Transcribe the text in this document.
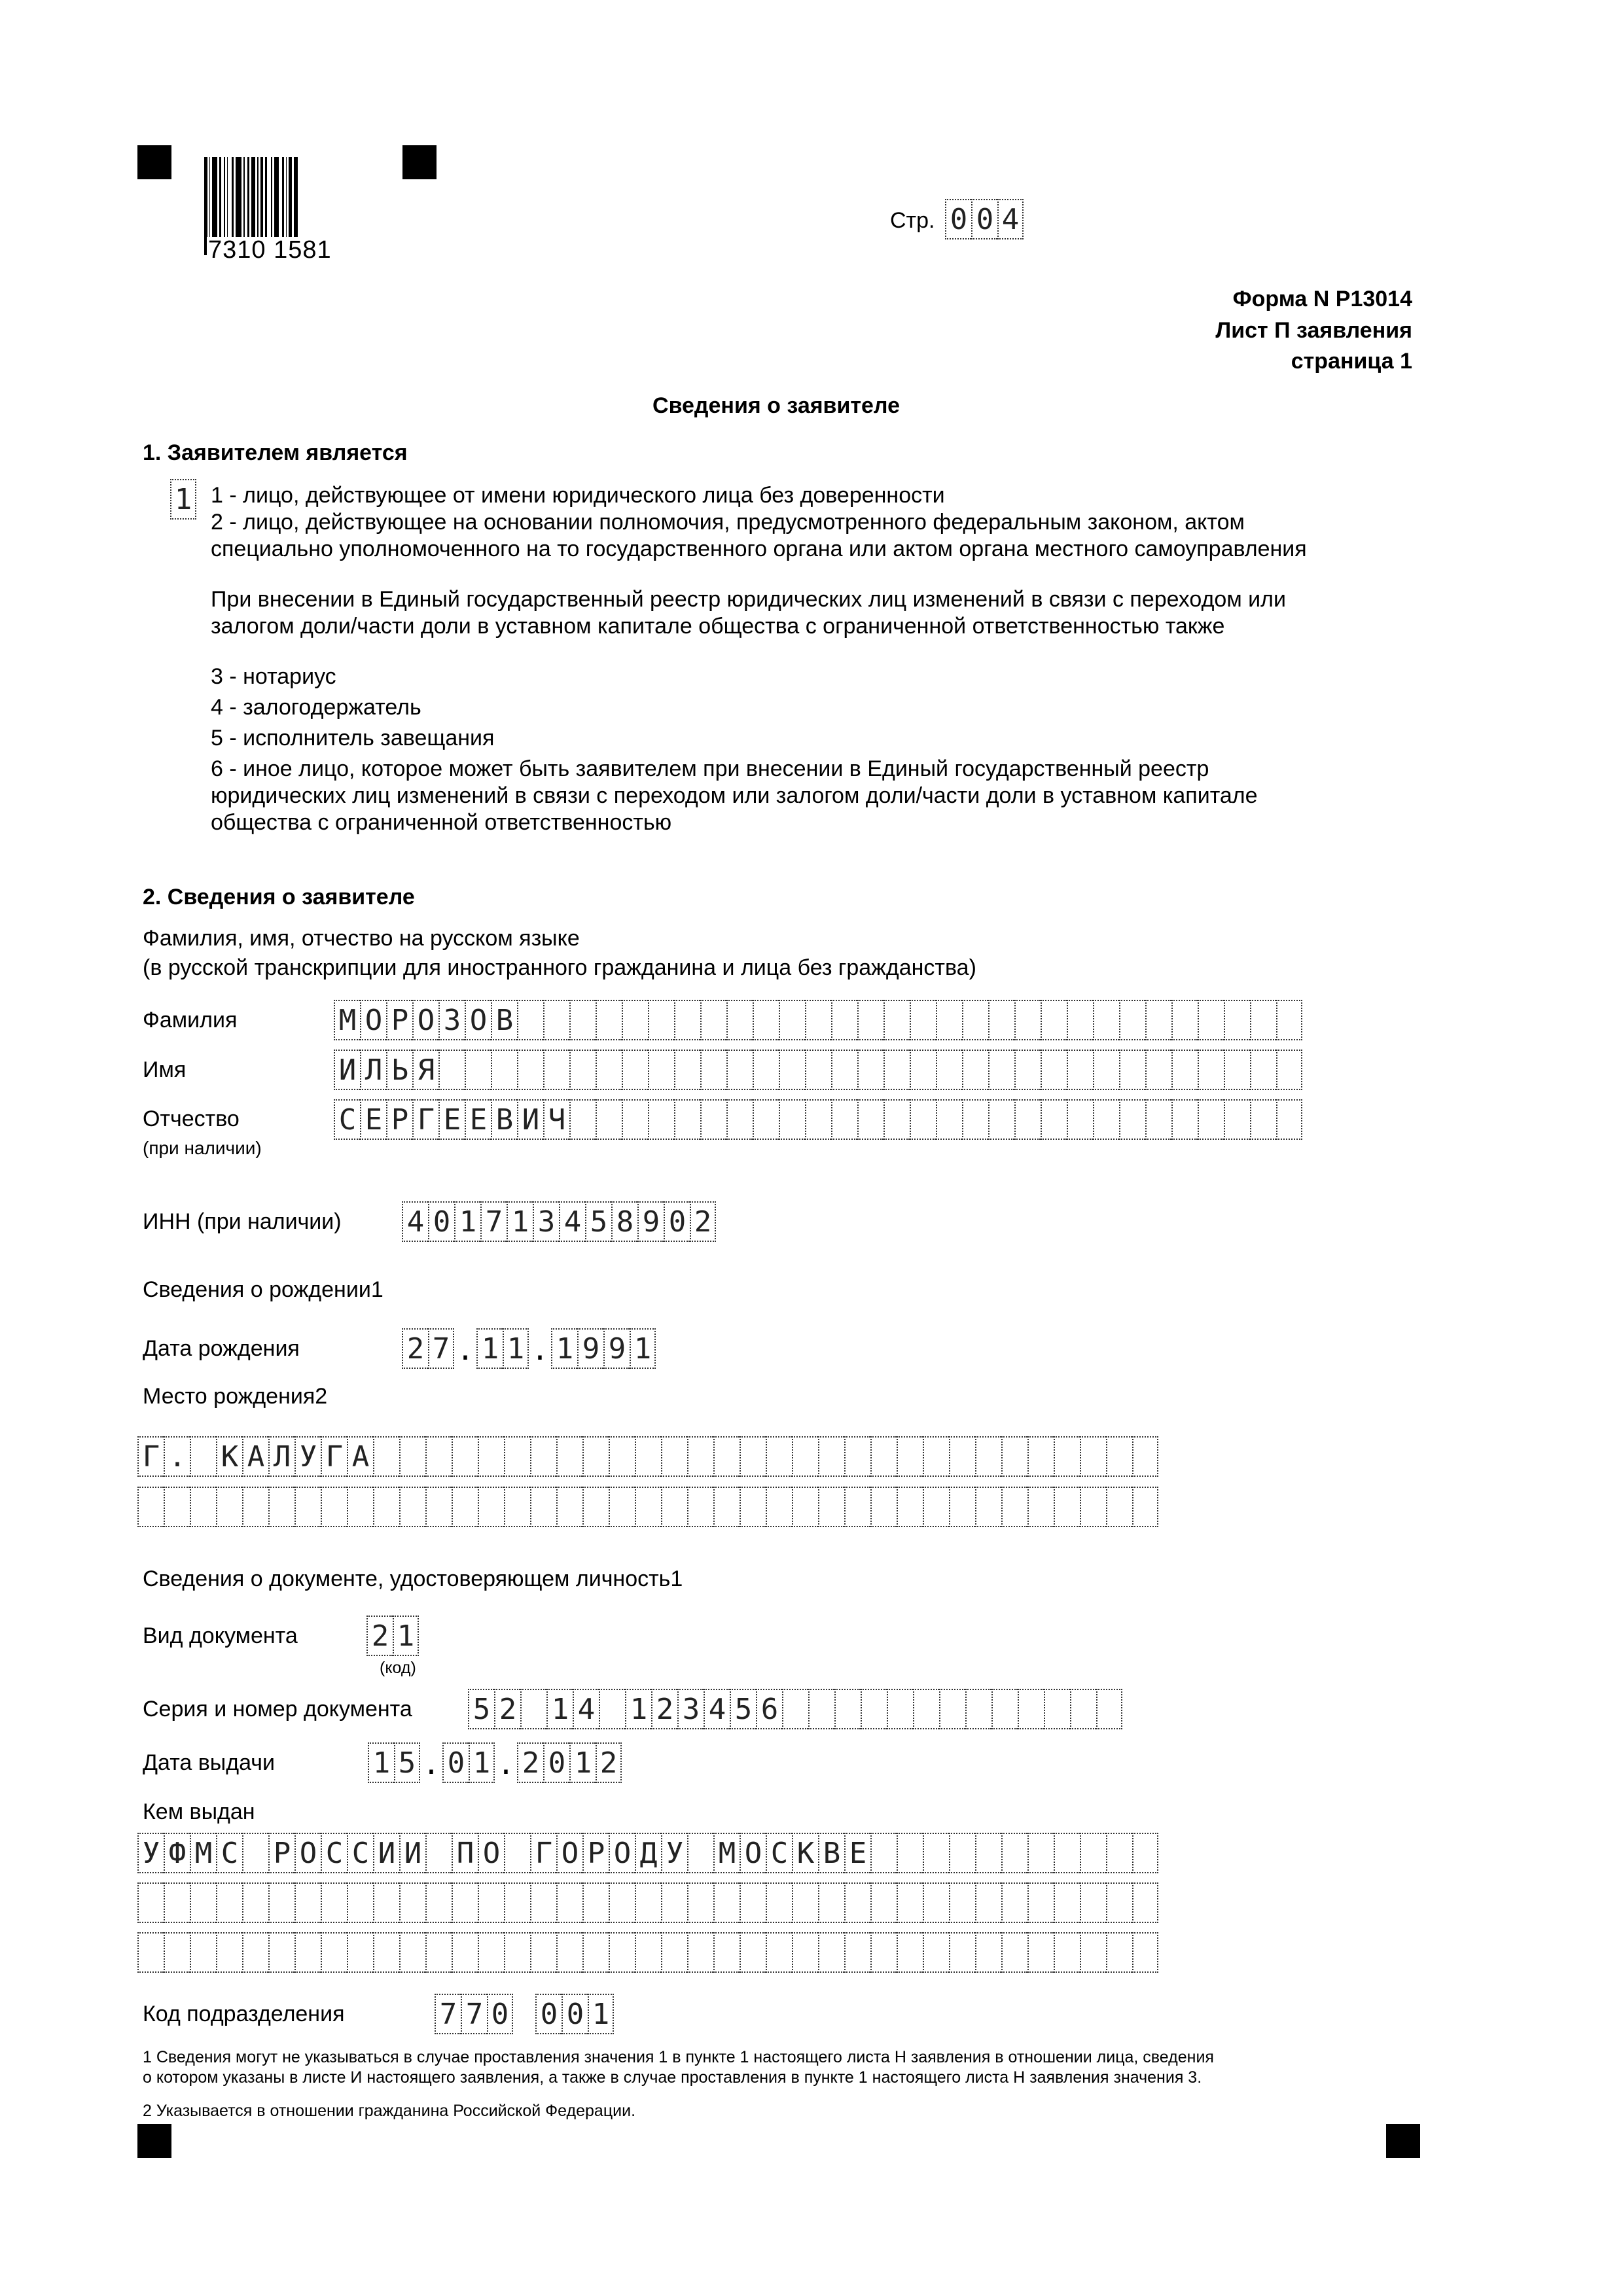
7310 1581
Стр. 0 0 4
Форма N Р13014
Лист П заявления
страница 1
Сведения о заявителе
1. Заявителем является
1 1 - лицо, действующее от имени юридического лица без доверенности
2 - лицо, действующее на основании полномочия, предусмотренного федеральным законом, актом
специально уполномоченного на то государственного органа или актом органа местного самоуправления
При внесении в Единый государственный реестр юридических лиц изменений в связи с переходом или
залогом доли/части доли в уставном капитале общества с ограниченной ответственностью также
3 - нотариус
4 - залогодержатель
5 - исполнитель завещания
6 - иное лицо, которое может быть заявителем при внесении в Единый государственный реестр
юридических лиц изменений в связи с переходом или залогом доли/части доли в уставном капитале
общества с ограниченной ответственностью
2. Сведения о заявителе
Фамилия, имя, отчество на русском языке
(в русской транскрипции для иностранного гражданина и лица без гражданства)
Фамилия	М О Р О З О В
Имя	И Л Ь Я
Отчество
(при наличии)
С Е Р Г Е Е В И Ч
ИНН (при наличии) 4 0 1 7 1 3 4 5 8 9 0 2
Сведения о рождении1
Дата рождения	2 7 . 1 1 . 1 9 9 1
Место рождения2
Г . К А Л У Г А
Сведения о документе, удостоверяющем личность1
Вид документа	2 1
(код)
Серия и номер документа 5 2 1 4 1 2 3 4 5 6
Дата выдачи	1 5 . 0 1 . 2 0 1 2
Кем выдан
У Ф М С Р О С С И И П О Г О Р О Д У М О С К В Е
Код подразделения	7 7 0 0 0 1
1 Сведения могут не указываться в случае проставления значения 1 в пункте 1 настоящего листа Н заявления в отношении лица, сведения
о котором указаны в листе И настоящего заявления, а также в случае проставления в пункте 1 настоящего листа Н заявления значения 3.
2 Указывается в отношении гражданина Российской Федерации.
